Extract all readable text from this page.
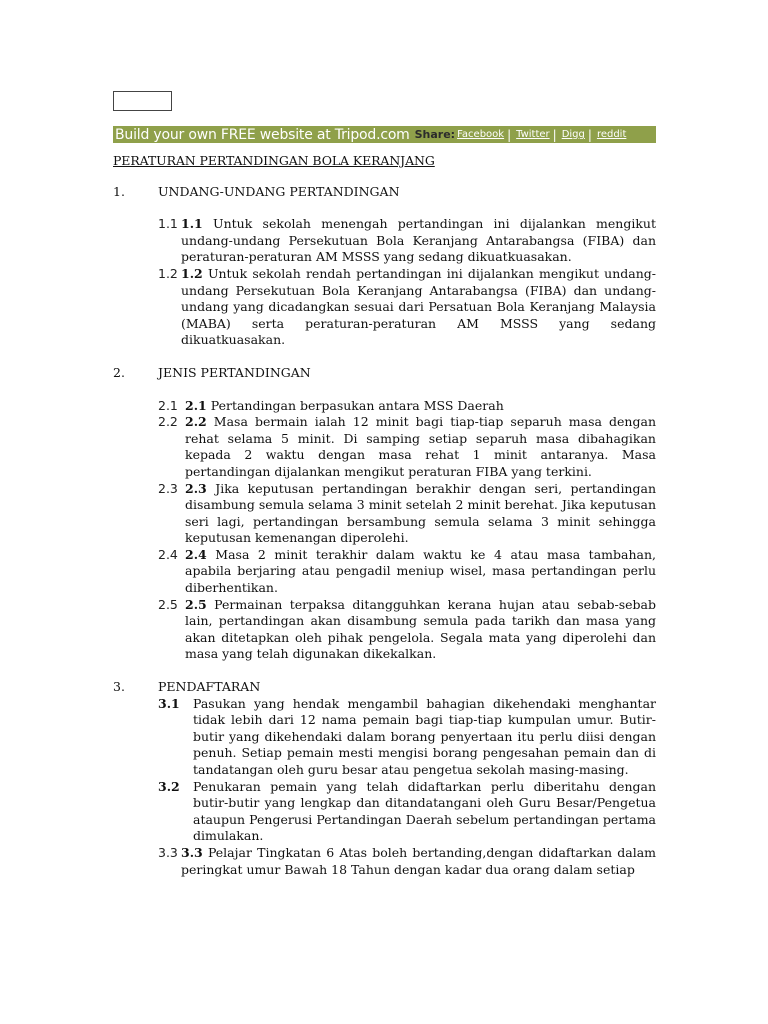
Build your own FREE website at Tripod.com Share: Facebook | Twitter | Digg | reddit
PERATURAN PERTANDINGAN BOLA KERANJANG
1.	UNDANG-UNDANG PERTANDINGAN
1.1 1.1 Untuk sekolah menengah pertandingan ini dijalankan mengikut undang-undang Persekutuan Bola Keranjang Antarabangsa (FIBA) dan peraturan-peraturan AM MSSS yang sedang dikuatkuasakan.
1.2 1.2 Untuk sekolah rendah pertandingan ini dijalankan mengikut undang-undang Persekutuan Bola Keranjang Antarabangsa (FIBA) dan undang-undang yang dicadangkan sesuai dari Persatuan Bola Keranjang Malaysia (MABA) serta peraturan-peraturan AM MSSS yang sedang dikuatkuasakan.
2.	JENIS PERTANDINGAN
2.1 2.1 Pertandingan berpasukan antara MSS Daerah
2.2 2.2 Masa bermain ialah 12 minit bagi tiap-tiap separuh masa dengan rehat selama 5 minit. Di samping setiap separuh masa dibahagikan kepada 2 waktu dengan masa rehat 1 minit antaranya. Masa pertandingan dijalankan mengikut peraturan FIBA yang terkini.
2.3 2.3 Jika keputusan pertandingan berakhir dengan seri, pertandingan disambung semula selama 3 minit setelah 2 minit berehat. Jika keputusan seri lagi, pertandingan bersambung semula selama 3 minit sehingga keputusan kemenangan diperolehi.
2.4 2.4 Masa 2 minit terakhir dalam waktu ke 4 atau masa tambahan, apabila berjaring atau pengadil meniup wisel, masa pertandingan perlu diberhentikan.
2.5 2.5 Permainan terpaksa ditangguhkan kerana hujan atau sebab-sebab lain, pertandingan akan disambung semula pada tarikh dan masa yang akan ditetapkan oleh pihak pengelola. Segala mata yang diperolehi dan masa yang telah digunakan dikekalkan.
3.	PENDAFTARAN
3.1	Pasukan yang hendak mengambil bahagian dikehendaki menghantar tidak lebih dari 12 nama pemain bagi tiap-tiap kumpulan umur. Butir-butir yang dikehendaki dalam borang penyertaan itu perlu diisi dengan penuh. Setiap pemain mesti mengisi borang pengesahan pemain dan di tandatangan oleh guru besar atau pengetua sekolah masing-masing.
3.2	Penukaran pemain yang telah didaftarkan perlu diberitahu dengan butir-butir yang lengkap dan ditandatangani oleh Guru Besar/Pengetua ataupun Pengerusi Pertandingan Daerah sebelum pertandingan pertama dimulakan.
3.3 3.3 Pelajar Tingkatan 6 Atas boleh bertanding,dengan didaftarkan dalam peringkat umur Bawah 18 Tahun dengan kadar dua orang dalam setiap
